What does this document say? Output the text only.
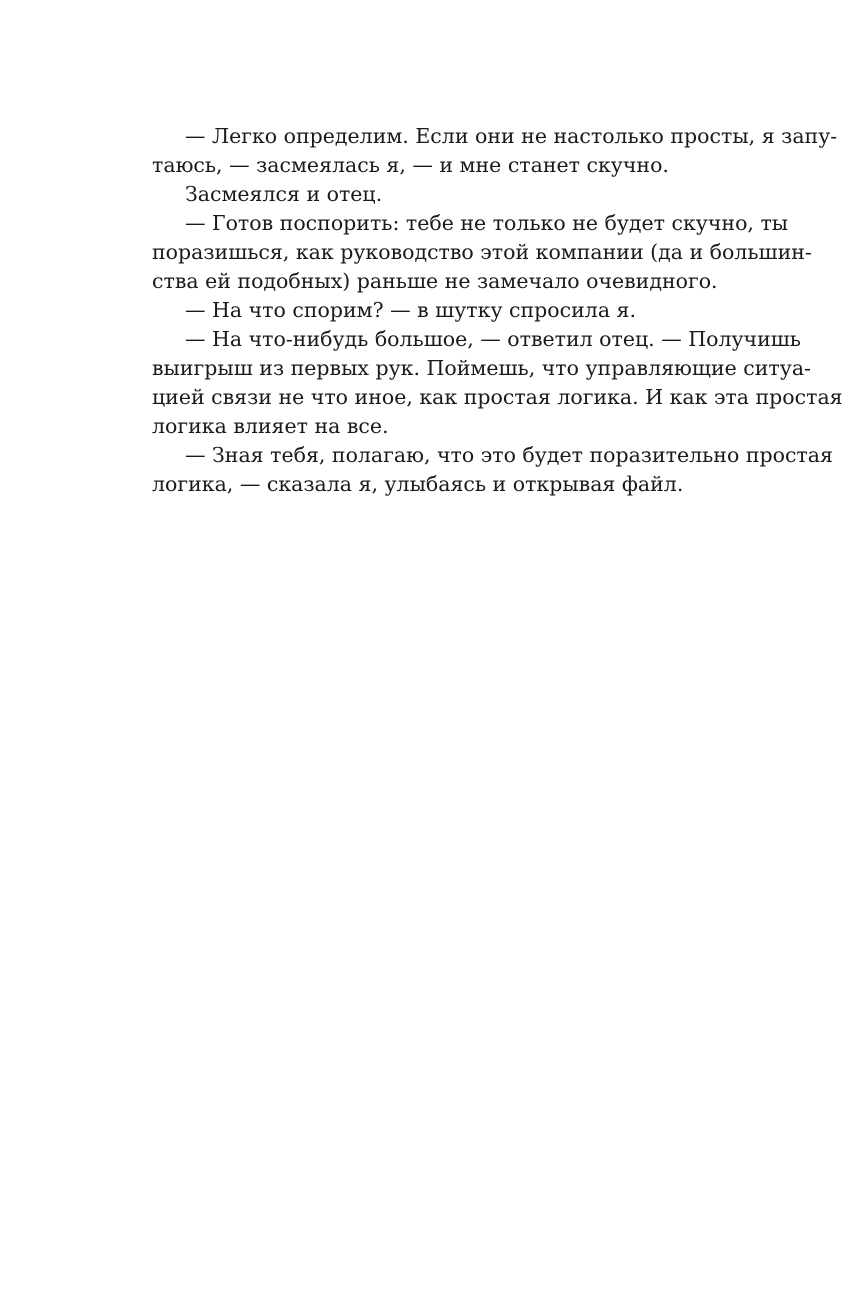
— Легко определим. Если они не настолько просты, я запу-
таюсь, — засмеялась я, — и мне станет скучно.
Засмеялся и отец.
— Готов поспорить: тебе не только не будет скучно, ты
поразишься, как руководство этой компании (да и большин-
ства ей подобных) раньше не замечало очевидного.
— На что спорим? — в шутку спросила я.
— На что-нибудь большое, — ответил отец. — Получишь
выигрыш из первых рук. Поймешь, что управляющие ситуа-
цией связи не что иное, как простая логика. И как эта простая
логика влияет на все.
— Зная тебя, полагаю, что это будет поразительно простая
логика, — сказала я, улыбаясь и открывая файл.
